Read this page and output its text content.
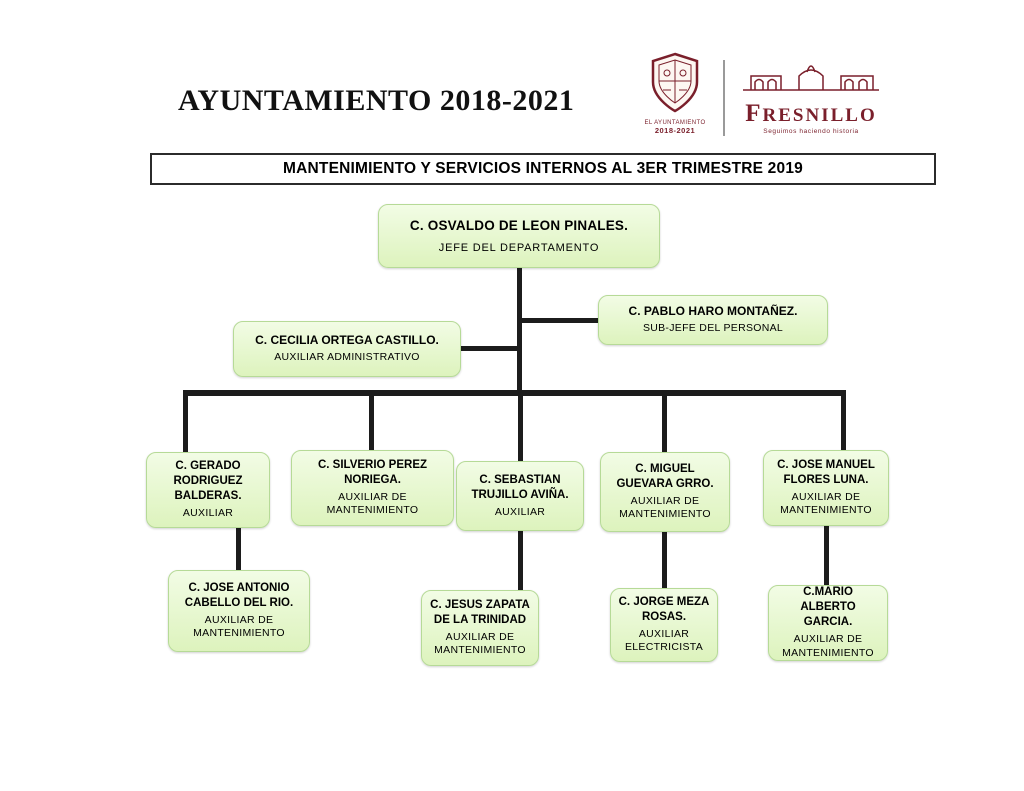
AYUNTAMIENTO 2018-2021
EL AYUNTAMIENTO
2018-2021
FRESNILLO
Seguimos haciendo historia
MANTENIMIENTO Y SERVICIOS INTERNOS AL 3ER TRIMESTRE 2019
C. OSVALDO DE LEON PINALES.
JEFE DEL DEPARTAMENTO
C. PABLO HARO MONTAÑEZ.
SUB-JEFE DEL PERSONAL
C. CECILIA ORTEGA CASTILLO.
AUXILIAR ADMINISTRATIVO
C. GERADO RODRIGUEZ BALDERAS.
AUXILIAR
C. SILVERIO PEREZ NORIEGA.
AUXILIAR DE MANTENIMIENTO
C. SEBASTIAN TRUJILLO AVIÑA.
AUXILIAR
C. MIGUEL GUEVARA GRRO.
AUXILIAR DE MANTENIMIENTO
C. JOSE MANUEL FLORES LUNA.
AUXILIAR DE MANTENIMIENTO
C. JOSE ANTONIO CABELLO DEL RIO.
AUXILIAR DE MANTENIMIENTO
C. JESUS ZAPATA DE LA TRINIDAD
AUXILIAR DE MANTENIMIENTO
C. JORGE MEZA ROSAS.
AUXILIAR ELECTRICISTA
C.MARIO ALBERTO GARCIA.
AUXILIAR DE MANTENIMIENTO
